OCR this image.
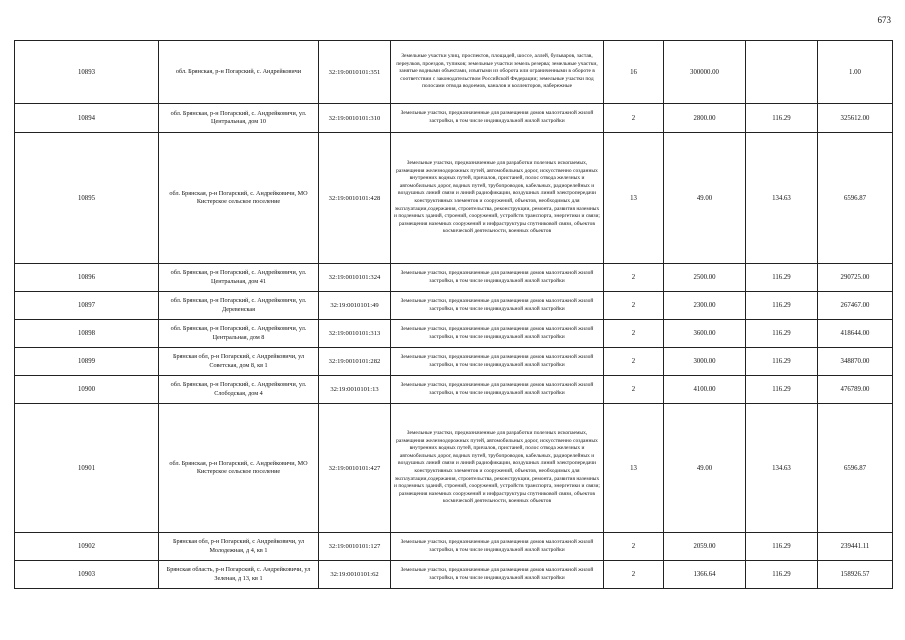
673
10893	обл. Брянская, р-н Погарский, с. Андрейковичи	32:19:0010101:351	Земельные участки улиц, проспектов, площадей, шоссе, аллей, бульваров, застав, переулков, проездов, тупиков; земельные участки земель резерва; земельные участки, занятые водными объектами, изъятыми из оборота или ограниченными в обороте в соответствии с законодательством Российской Федерации; земельные участки под полосами отвода водоемов, каналов и коллекторов, набережные	16	300000.00		1.00
10894	обл. Брянская, р-н Погарский, с. Андрейковичи, ул. Центральная, дом 10	32:19:0010101:310	Земельные участки, предназначенные для размещения домов малоэтажной жилой застройки, в том числе индивидуальной жилой застройки	2	2800.00	116.29	325612.00
10895	обл. Брянская, р-н Погарский, с. Андрейковичи, МО Кистерское сельское поселение	32:19:0010101:428	Земельные участки, предназначенные для разработки полезных ископаемых, размещения железнодорожных путей, автомобильных дорог, искусственно созданных внутренних водных путей, причалов, пристаней, полос отвода железных и автомобильных дорог, водных путей, трубопроводов, кабельных, радиорелейных и воздушных линий связи и линий радиофикации, воздушных линий электропередачи конструктивных элементов и сооружений, объектов, необходимых для эксплуатации,содержания, строительства, реконструкции, ремонта, развития наземных и подземных зданий, строений, сооружений, устройств транспорта, энергетики и связи; размещения наземных сооружений и инфраструктуры спутниковой связи, объектов космической деятельности, военных объектов	13	49.00	134.63	6596.87
10896	обл. Брянская, р-н Погарский, с. Андрейковичи, ул. Центральная, дом 41	32:19:0010101:324	Земельные участки, предназначенные для размещения домов малоэтажной жилой застройки, в том числе индивидуальной жилой застройки	2	2500.00	116.29	290725.00
10897	обл. Брянская, р-н Погарский, с. Андрейковичи, ул. Деревенская	32:19:0010101:49	Земельные участки, предназначенные для размещения домов малоэтажной жилой застройки, в том числе индивидуальной жилой застройки	2	2300.00	116.29	267467.00
10898	обл. Брянская, р-н Погарский, с. Андрейковичи, ул. Центральная, дом 8	32:19:0010101:313	Земельные участки, предназначенные для размещения домов малоэтажной жилой застройки, в том числе индивидуальной жилой застройки	2	3600.00	116.29	418644.00
10899	Брянская обл, р-н Погарский, с Андрейковичи, ул Советская, дом 8, кв 1	32:19:0010101:282	Земельные участки, предназначенные для размещения домов малоэтажной жилой застройки, в том числе индивидуальной жилой застройки	2	3000.00	116.29	348870.00
10900	обл. Брянская, р-н Погарский, с. Андрейковичи, ул. Слободская, дом 4	32:19:0010101:13	Земельные участки, предназначенные для размещения домов малоэтажной жилой застройки, в том числе индивидуальной жилой застройки	2	4100.00	116.29	476789.00
10901	обл. Брянская, р-н Погарский, с. Андрейковичи, МО Кистерское сельское поселение	32:19:0010101:427	Земельные участки, предназначенные для разработки полезных ископаемых, размещения железнодорожных путей, автомобильных дорог, искусственно созданных внутренних водных путей, причалов, пристаней, полос отвода железных и автомобильных дорог, водных путей, трубопроводов, кабельных, радиорелейных и воздушных линий связи и линий радиофикации, воздушных линий электропередачи конструктивных элементов и сооружений, объектов, необходимых для эксплуатации,содержания, строительства, реконструкции, ремонта, развития наземных и подземных зданий, строений, сооружений, устройств транспорта, энергетики и связи; размещения наземных сооружений и инфраструктуры спутниковой связи, объектов космической деятельности, военных объектов	13	49.00	134.63	6596.87
10902	Брянская обл, р-н Погарский, с Андрейковичи, ул Молодежная, д 4, кв 1	32:19:0010101:127	Земельные участки, предназначенные для размещения домов малоэтажной жилой застройки, в том числе индивидуальной жилой застройки	2	2059.00	116.29	239441.11
10903	Брянская область, р-н Погарский, с. Андрейковичи, ул Зеленая, д 13, кв 1	32:19:0010101:62	Земельные участки, предназначенные для размещения домов малоэтажной жилой застройки, в том числе индивидуальной жилой застройки	2	1366.64	116.29	158926.57
